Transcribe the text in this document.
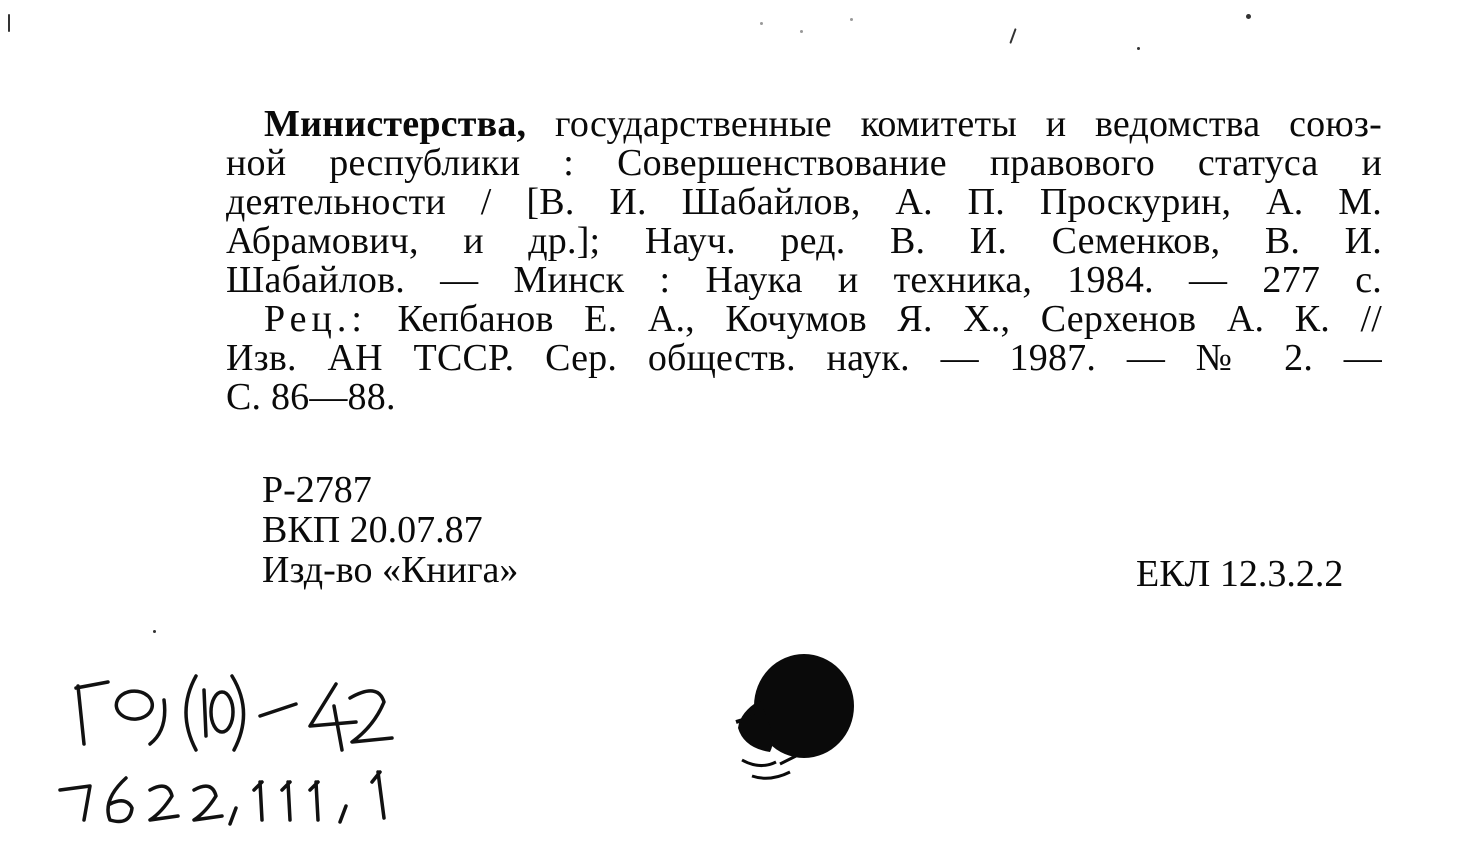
Министерства, государственные комитеты и ведомства союз-
ной республики : Совершенствование правового статуса и
деятельности / [В. И. Шабайлов, А. П. Проскурин, А. М.
Абрамович, и др.]; Науч. ред. В. И. Семенков, В. И.
Шабайлов. — Минск : Наука и техника, 1984. — 277 с.
Рец.: Кепбанов Е. А., Кочумов Я. Х., Серхенов А. К. //
Изв. АН ТССР. Сер. обществ. наук. — 1987. — № 2. —
С. 86—88.
Р-2787
ВКП 20.07.87
Изд-во «Книга»	ЕКЛ 12.3.2.2
